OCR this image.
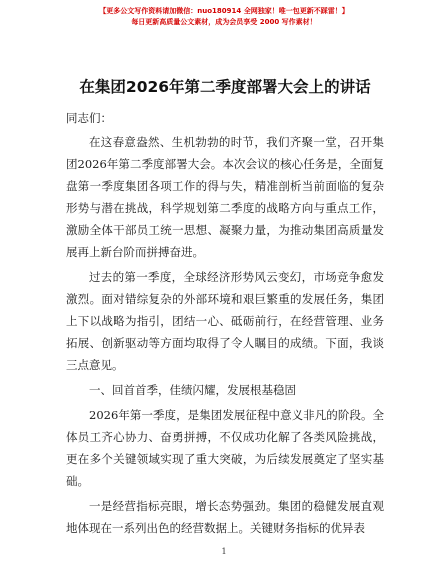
【更多公文写作资料请加微信：nuo180914 全网独家！唯一包更新不踩雷！】
每日更新高质量公文素材，成为会员享受 2000 写作素材！
在集团2026年第二季度部署大会上的讲话
同志们：

在这春意盎然、生机勃勃的时节，我们齐聚一堂，召开集团2026年第二季度部署大会。本次会议的核心任务是，全面复盘第一季度集团各项工作的得与失，精准剖析当前面临的复杂形势与潜在挑战，科学规划第二季度的战略方向与重点工作，激励全体干部员工统一思想、凝聚力量，为推动集团高质量发展再上新台阶而拼搏奋进。

过去的第一季度，全球经济形势风云变幻，市场竞争愈发激烈。面对错综复杂的外部环境和艰巨繁重的发展任务，集团上下以战略为指引，团结一心、砥砺前行，在经营管理、业务拓展、创新驱动等方面均取得了令人瞩目的成绩。下面，我谈三点意见。

一、回首首季，佳绩闪耀，发展根基稳固

2026年第一季度，是集团发展征程中意义非凡的阶段。全体员工齐心协力、奋勇拼搏，不仅成功化解了各类风险挑战，更在多个关键领域实现了重大突破，为后续发展奠定了坚实基础。

一是经营指标亮眼，增长态势强劲。集团的稳健发展直观地体现在一系列出色的经营数据上。关键财务指标的优异表

1
